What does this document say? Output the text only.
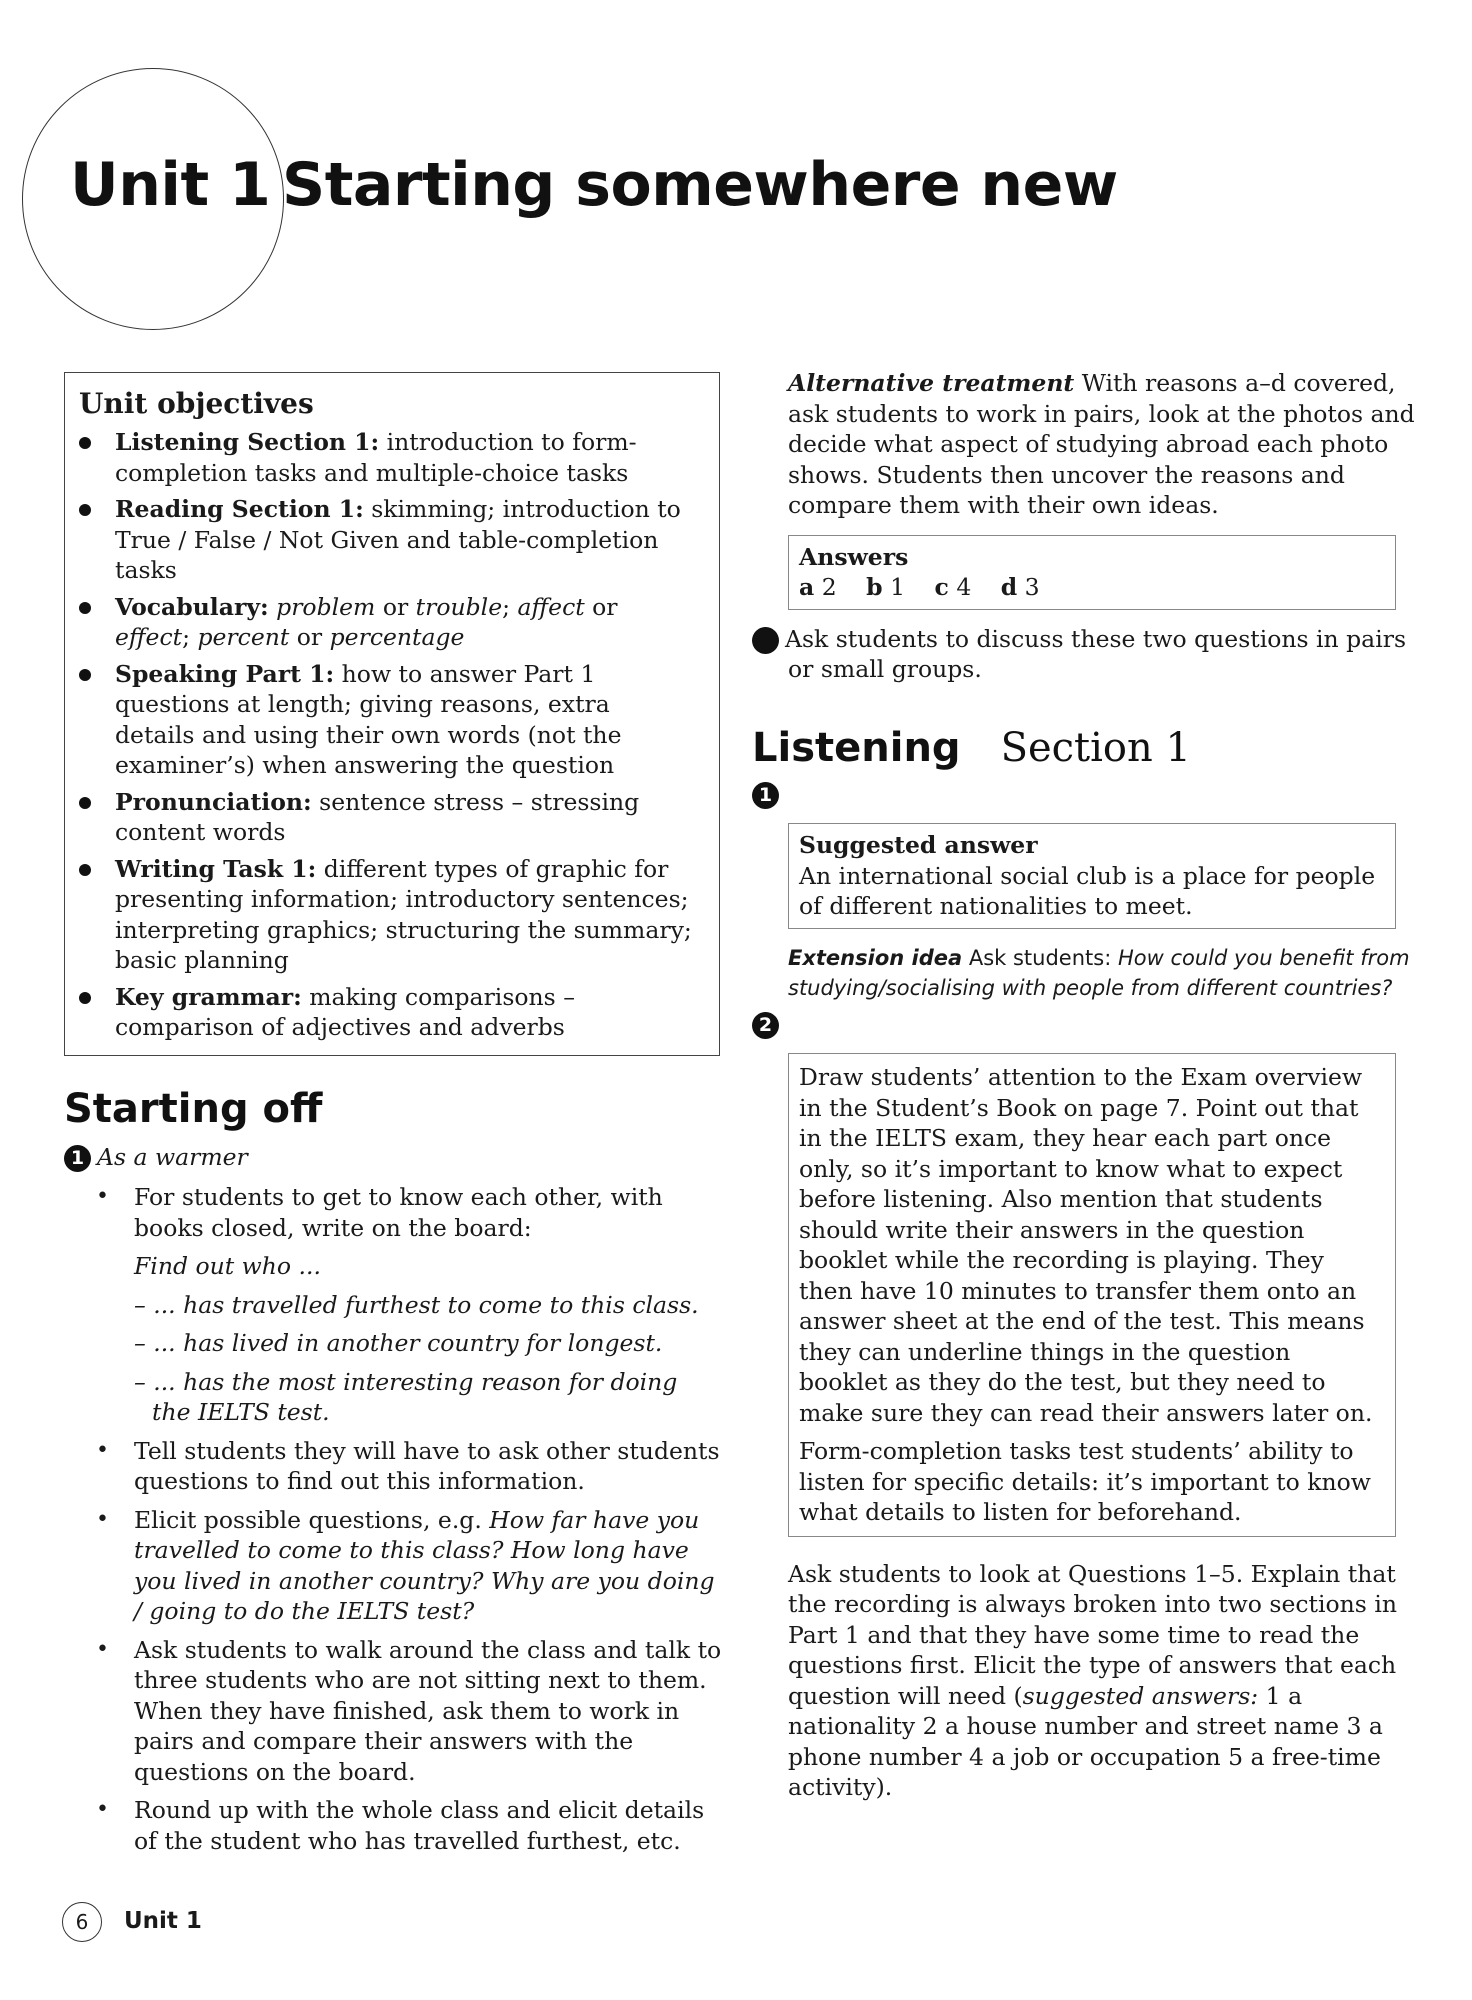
Unit 1 Starting somewhere new
Unit objectives
Listening Section 1: introduction to form-completion tasks and multiple-choice tasks
Reading Section 1: skimming; introduction to True / False / Not Given and table-completion tasks
Vocabulary: problem or trouble; affect or effect; percent or percentage
Speaking Part 1: how to answer Part 1 questions at length; giving reasons, extra details and using their own words (not the examiner’s) when answering the question
Pronunciation: sentence stress – stressing content words
Writing Task 1: different types of graphic for presenting information; introductory sentences; interpreting graphics; structuring the summary; basic planning
Key grammar: making comparisons – comparison of adjectives and adverbs
Starting off
1 As a warmer
• For students to get to know each other, with books closed, write on the board:
Find out who ...
– ... has travelled furthest to come to this class.
– ... has lived in another country for longest.
– ... has the most interesting reason for doing the IELTS test.
• Tell students they will have to ask other students questions to find out this information.
• Elicit possible questions, e.g. How far have you travelled to come to this class? How long have you lived in another country? Why are you doing / going to do the IELTS test?
• Ask students to walk around the class and talk to three students who are not sitting next to them. When they have finished, ask them to work in pairs and compare their answers with the questions on the board.
• Round up with the whole class and elicit details of the student who has travelled furthest, etc.
Alternative treatment With reasons a–d covered, ask students to work in pairs, look at the photos and decide what aspect of studying abroad each photo shows. Students then uncover the reasons and compare them with their own ideas.
Answers
a 2 b 1 c 4 d 3
2 Ask students to discuss these two questions in pairs or small groups.
Listening Section 1
1
Suggested answer
An international social club is a place for people of different nationalities to meet.
Extension idea Ask students: How could you benefit from studying/socialising with people from different countries?
2

Draw students’ attention to the Exam overview in the Student’s Book on page 7. Point out that in the IELTS exam, they hear each part once only, so it’s important to know what to expect before listening. Also mention that students should write their answers in the question booklet while the recording is playing. They then have 10 minutes to transfer them onto an answer sheet at the end of the test. This means they can underline things in the question booklet as they do the test, but they need to make sure they can read their answers later on.

Form-completion tasks test students’ ability to listen for specific details: it’s important to know what details to listen for beforehand.

Ask students to look at Questions 1–5. Explain that the recording is always broken into two sections in Part 1 and that they have some time to read the questions first. Elicit the type of answers that each question will need (suggested answers: 1 a nationality 2 a house number and street name 3 a phone number 4 a job or occupation 5 a free-time activity).
6	Unit 1
